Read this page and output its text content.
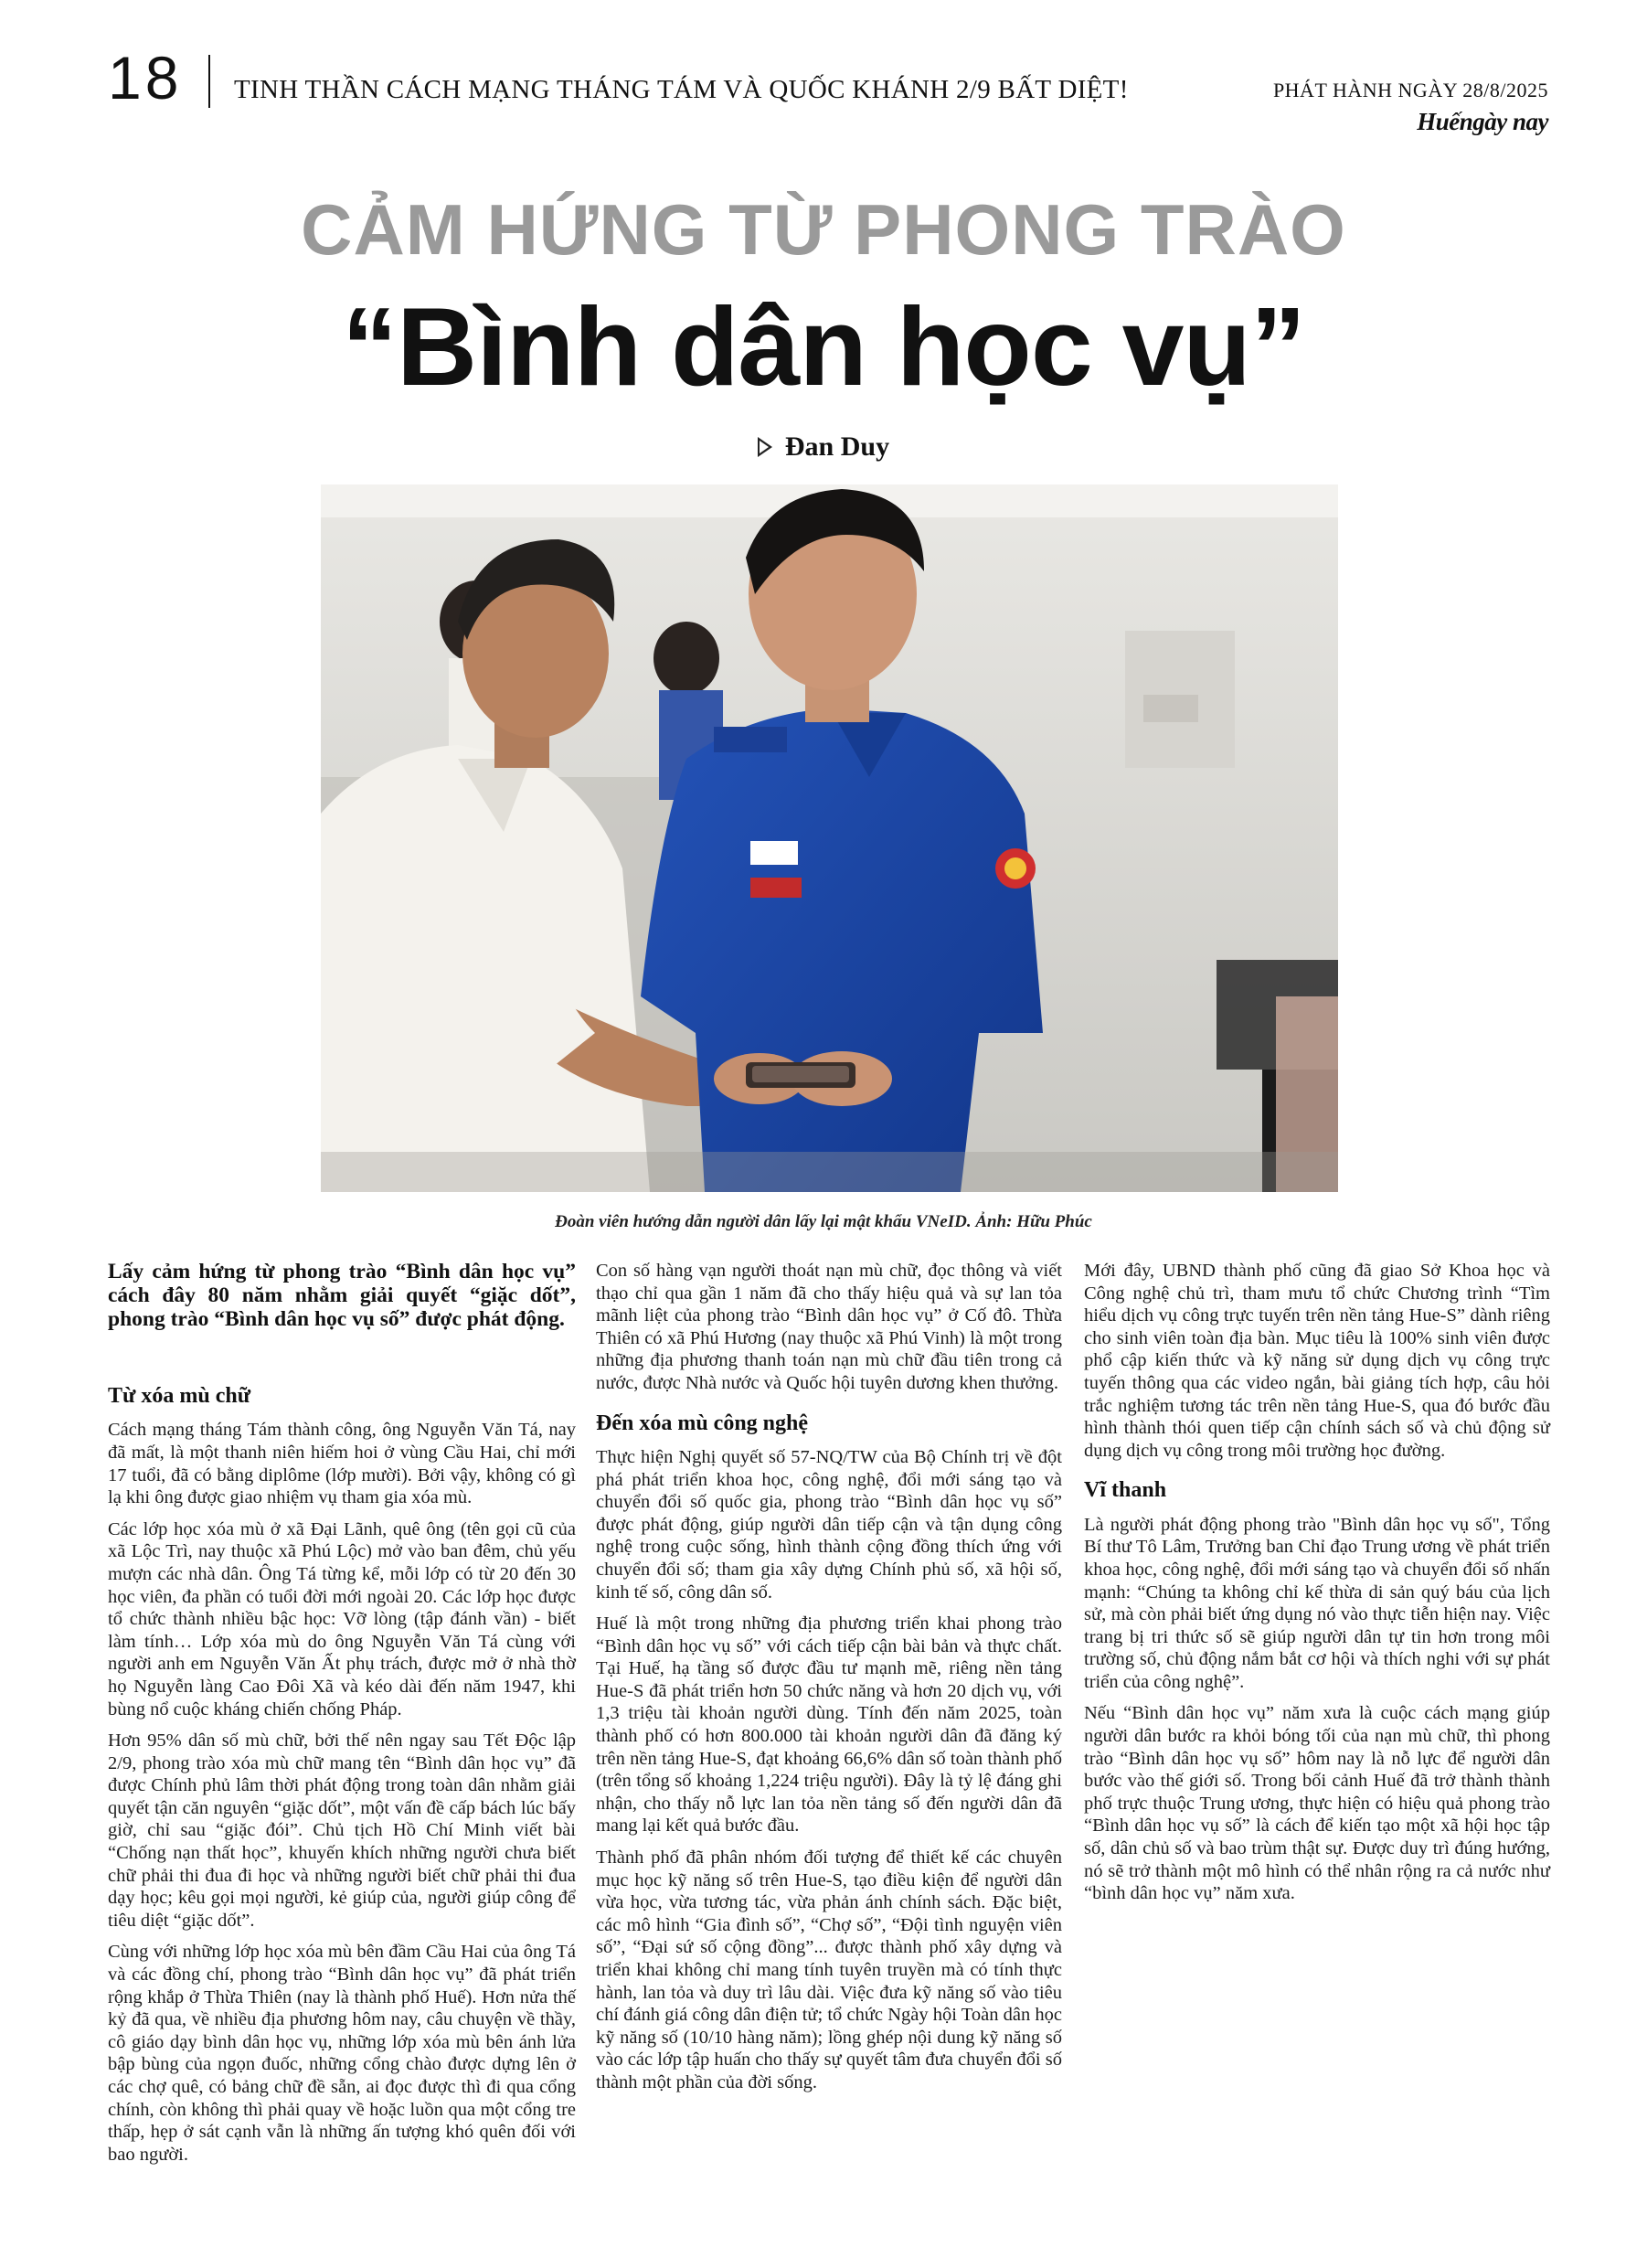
18 TINH THẦN CÁCH MẠNG THÁNG TÁM VÀ QUỐC KHÁNH 2/9 BẤT DIỆT!	PHÁT HÀNH NGÀY 28/8/2025
Huếngày nay
CẢM HỨNG TỪ PHONG TRÀO
“Bình dân học vụ”
Đan Duy
Đoàn viên hướng dẫn người dân lấy lại mật khẩu VNeID. Ảnh: Hữu Phúc

Lấy cảm hứng từ phong trào “Bình dân học vụ” cách đây 80 năm nhằm giải quyết “giặc dốt”, phong trào “Bình dân học vụ số” được phát động.

Từ xóa mù chữ

Cách mạng tháng Tám thành công, ông Nguyễn Văn Tá, nay đã mất, là một thanh niên hiếm hoi ở vùng Cầu Hai, chỉ mới 17 tuổi, đã có bằng diplôme (lớp mười). Bởi vậy, không có gì lạ khi ông được giao nhiệm vụ tham gia xóa mù.

Các lớp học xóa mù ở xã Đại Lãnh, quê ông (tên gọi cũ của xã Lộc Trì, nay thuộc xã Phú Lộc) mở vào ban đêm, chủ yếu mượn các nhà dân. Ông Tá từng kể, mỗi lớp có từ 20 đến 30 học viên, đa phần có tuổi đời mới ngoài 20. Các lớp học được tổ chức thành nhiều bậc học: Vỡ lòng (tập đánh vần) - biết làm tính… Lớp xóa mù do ông Nguyễn Văn Tá cùng với người anh em Nguyễn Văn Ất phụ trách, được mở ở nhà thờ họ Nguyễn làng Cao Đôi Xã và kéo dài đến năm 1947, khi bùng nổ cuộc kháng chiến chống Pháp.

Hơn 95% dân số mù chữ, bởi thế nên ngay sau Tết Độc lập 2/9, phong trào xóa mù chữ mang tên “Bình dân học vụ” đã được Chính phủ lâm thời phát động trong toàn dân nhằm giải quyết tận căn nguyên “giặc dốt”, một vấn đề cấp bách lúc bấy giờ, chỉ sau “giặc đói”. Chủ tịch Hồ Chí Minh viết bài “Chống nạn thất học”, khuyến khích những người chưa biết chữ phải thi đua đi học và những người biết chữ phải thi đua dạy học; kêu gọi mọi người, kẻ giúp của, người giúp công để tiêu diệt “giặc dốt”.

Cùng với những lớp học xóa mù bên đầm Cầu Hai của ông Tá và các đồng chí, phong trào “Bình dân học vụ” đã phát triển rộng khắp ở Thừa Thiên (nay là thành phố Huế). Hơn nửa thế kỷ đã qua, về nhiều địa phương hôm nay, câu chuyện về thầy, cô giáo dạy bình dân học vụ, những lớp xóa mù bên ánh lửa bập bùng của ngọn đuốc, những cổng chào được dựng lên ở các chợ quê, có bảng chữ đề sẵn, ai đọc được thì đi qua cổng chính, còn không thì phải quay về hoặc luồn qua một cổng tre thấp, hẹp ở sát cạnh vẫn là những ấn tượng khó quên đối với bao người.

Con số hàng vạn người thoát nạn mù chữ, đọc thông và viết thạo chỉ qua gần 1 năm đã cho thấy hiệu quả và sự lan tỏa mãnh liệt của phong trào “Bình dân học vụ” ở Cố đô. Thừa Thiên có xã Phú Hương (nay thuộc xã Phú Vinh) là một trong những địa phương thanh toán nạn mù chữ đầu tiên trong cả nước, được Nhà nước và Quốc hội tuyên dương khen thưởng.

Đến xóa mù công nghệ

Thực hiện Nghị quyết số 57-NQ/TW của Bộ Chính trị về đột phá phát triển khoa học, công nghệ, đổi mới sáng tạo và chuyển đổi số quốc gia, phong trào “Bình dân học vụ số” được phát động, giúp người dân tiếp cận và tận dụng công nghệ trong cuộc sống, hình thành cộng đồng thích ứng với chuyển đổi số; tham gia xây dựng Chính phủ số, xã hội số, kinh tế số, công dân số.

Huế là một trong những địa phương triển khai phong trào “Bình dân học vụ số” với cách tiếp cận bài bản và thực chất. Tại Huế, hạ tầng số được đầu tư mạnh mẽ, riêng nền tảng Hue-S đã phát triển hơn 50 chức năng và hơn 20 dịch vụ, với 1,3 triệu tài khoản người dùng. Tính đến năm 2025, toàn thành phố có hơn 800.000 tài khoản người dân đã đăng ký trên nền tảng Hue-S, đạt khoảng 66,6% dân số toàn thành phố (trên tổng số khoảng 1,224 triệu người). Đây là tỷ lệ đáng ghi nhận, cho thấy nỗ lực lan tỏa nền tảng số đến người dân đã mang lại kết quả bước đầu.

Thành phố đã phân nhóm đối tượng để thiết kế các chuyên mục học kỹ năng số trên Hue-S, tạo điều kiện để người dân vừa học, vừa tương tác, vừa phản ánh chính sách. Đặc biệt, các mô hình “Gia đình số”, “Chợ số”, “Đội tình nguyện viên số”, “Đại sứ số cộng đồng”... được thành phố xây dựng và triển khai không chỉ mang tính tuyên truyền mà có tính thực hành, lan tỏa và duy trì lâu dài. Việc đưa kỹ năng số vào tiêu chí đánh giá công dân điện tử; tổ chức Ngày hội Toàn dân học kỹ năng số (10/10 hàng năm); lồng ghép nội dung kỹ năng số vào các lớp tập huấn cho thấy sự quyết tâm đưa chuyển đổi số thành một phần của đời sống.

Mới đây, UBND thành phố cũng đã giao Sở Khoa học và Công nghệ chủ trì, tham mưu tổ chức Chương trình “Tìm hiểu dịch vụ công trực tuyến trên nền tảng Hue-S” dành riêng cho sinh viên toàn địa bàn. Mục tiêu là 100% sinh viên được phổ cập kiến thức và kỹ năng sử dụng dịch vụ công trực tuyến thông qua các video ngắn, bài giảng tích hợp, câu hỏi trắc nghiệm tương tác trên nền tảng Hue-S, qua đó bước đầu hình thành thói quen tiếp cận chính sách số và chủ động sử dụng dịch vụ công trong môi trường học đường.

Vĩ thanh

Là người phát động phong trào "Bình dân học vụ số", Tổng Bí thư Tô Lâm, Trưởng ban Chỉ đạo Trung ương về phát triển khoa học, công nghệ, đổi mới sáng tạo và chuyển đổi số nhấn mạnh: “Chúng ta không chỉ kế thừa di sản quý báu của lịch sử, mà còn phải biết ứng dụng nó vào thực tiễn hiện nay. Việc trang bị tri thức số sẽ giúp người dân tự tin hơn trong môi trường số, chủ động nắm bắt cơ hội và thích nghi với sự phát triển của công nghệ”.

Nếu “Bình dân học vụ” năm xưa là cuộc cách mạng giúp người dân bước ra khỏi bóng tối của nạn mù chữ, thì phong trào “Bình dân học vụ số” hôm nay là nỗ lực để người dân bước vào thế giới số. Trong bối cảnh Huế đã trở thành thành phố trực thuộc Trung ương, thực hiện có hiệu quả phong trào “Bình dân học vụ số” là cách để kiến tạo một xã hội học tập số, dân chủ số và bao trùm thật sự. Được duy trì đúng hướng, nó sẽ trở thành một mô hình có thể nhân rộng ra cả nước như “bình dân học vụ” năm xưa.
